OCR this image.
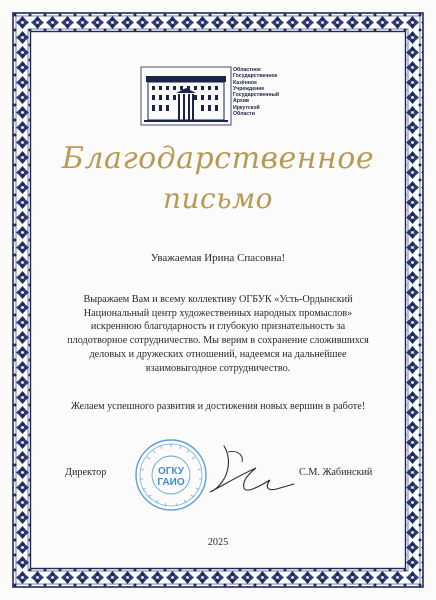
Областное
Государственное
Казённое
Учреждение
Государственный
Архив
Иркутской
Области
Благодарственное
письмо
Уважаемая Ирина Спасовна!
Выражаем Вам и всему коллективу ОГБУК «Усть-Ордынский
Национальный центр художественных народных промыслов»
искреннюю благодарность и глубокую признательность за
плодотворное сотрудничество. Мы верим в сохранение сложившихся
деловых и дружеских отношений, надеемся на дальнейшее
взаимовыгодное сотрудничество.
Желаем успешного развития и достижения новых вершин в работе!
ОГКУ
ГАИО
Директор	С.М. Жабинский
2025
